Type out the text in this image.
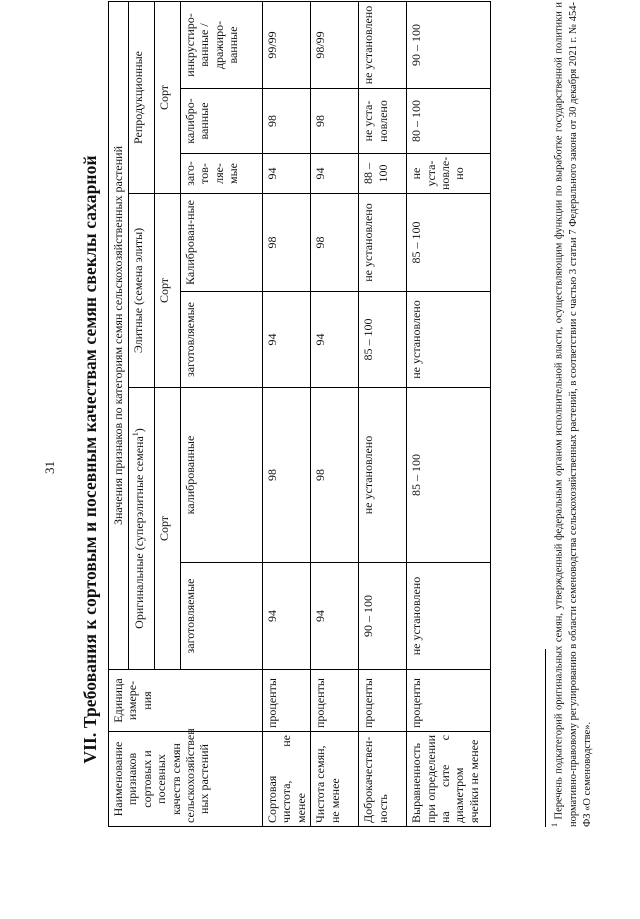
31 VII. Требования к сортовым и посевным качествам семян свеклы сахарной
Наименование признаков сортовых и посевных качеств семян сельскохозяйствен ных растений	Единица измере-ния	Значения признаков по категориям семян сельскохозяйственных растений						
		Оригинальные (суперэлитные семена$^1$)		Элитные (семена элиты)		Репродукционные		
		Сорт		Сорт		Сорт		
		заготовляемые	калиброванные	заготовляемые	Калиброван-ные	заго-тов-ляе-мые	калибро-ванные	инкрустиро-ванные /дражиро-ванные
Сортовая чистота, не менее	проценты	94	98	94	98	94	98	99/99
Чистота семян, не менее	проценты	94	98	94	98	94	98	98/99
Доброкачествен-ность	проценты	90 – 100	не установлено	85 – 100	не установлено	88 – 100	не уста-новлено	не установлено
Выравненность при определении на сите с диаметром ячейки не менее	проценты	не установлено	85 – 100	не установлено	85 – 100	не уста-новле-но	80 – 100	90 – 100
$^1$ Перечень подкатегорий оригинальных семян, утвержденный федеральным органом исполнительной власти, осуществляющим функции по выработке государственной политики и нормативно-правовому регулированию в области семеноводства сельскохозяйственных растений, в соответствии с частью 3 статьи 7 Федерального закона от 30 декабря 2021 г. № 454-ФЗ «О семеноводстве».
